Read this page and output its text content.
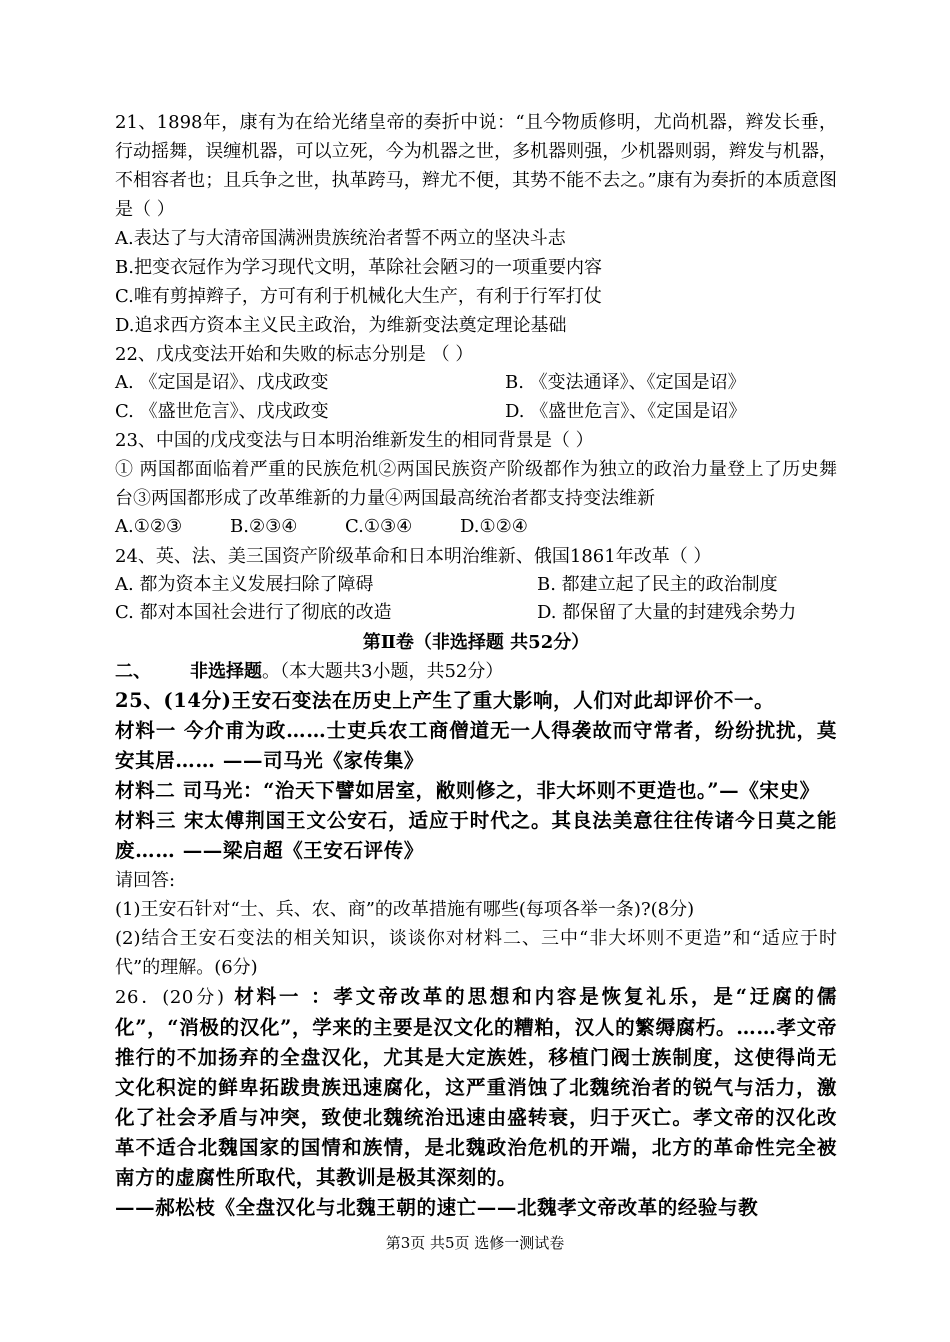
21、1898年，康有为在给光绪皇帝的奏折中说：“且今物质修明，尤尚机器，辫发长垂，行动摇舞，误缠机器，可以立死，今为机器之世，多机器则强，少机器则弱，辫发与机器，不相容者也；且兵争之世，执革跨马，辫尤不便，其势不能不去之。”康有为奏折的本质意图是（ ）
A.表达了与大清帝国满洲贵族统治者誓不两立的坚决斗志
B.把变衣冠作为学习现代文明，革除社会陋习的一项重要内容
C.唯有剪掉辫子，方可有利于机械化大生产，有利于行军打仗
D.追求西方资本主义民主政治，为维新变法奠定理论基础
22、戊戌变法开始和失败的标志分别是 （ ）
A. 《定国是诏》、戊戌政变	B. 《变法通译》、《定国是诏》
C. 《盛世危言》、戊戌政变	D. 《盛世危言》、《定国是诏》
23、中国的戊戌变法与日本明治维新发生的相同背景是（ ）
① 两国都面临着严重的民族危机②两国民族资产阶级都作为独立的政治力量登上了历史舞台③两国都形成了改革维新的力量④两国最高统治者都支持变法维新
A.①②③	B.②③④	C.①③④	D.①②④
24、英、法、美三国资产阶级革命和日本明治维新、俄国1861年改革（ ）
A. 都为资本主义发展扫除了障碍	B. 都建立起了民主的政治制度
C. 都对本国社会进行了彻底的改造	D. 都保留了大量的封建残余势力
第Ⅱ卷（非选择题 共52分）
二、 非选择题。（本大题共3小题，共52分）
25、(14分)王安石变法在历史上产生了重大影响，人们对此却评价不一。
材料一 今介甫为政……士吏兵农工商僧道无一人得袭故而守常者，纷纷扰扰，莫安其居…… ——司马光《家传集》
材料二 司马光：“治天下譬如居室，敝则修之，非大坏则不更造也。”—《宋史》
材料三 宋太傅荆国王文公安石，适应于时代之。其良法美意往往传诸今日莫之能废…… ——梁启超《王安石评传》
请回答:
(1)王安石针对“士、兵、农、商”的改革措施有哪些(每项各举一条)?(8分)
(2)结合王安石变法的相关知识，谈谈你对材料二、三中“非大坏则不更造”和“适应于时代”的理解。(6分)
26．(20分) 材料一 ：孝文帝改革的思想和内容是恢复礼乐，是“迂腐的儒化”，“消极的汉化”，学来的主要是汉文化的糟粕，汉人的繁缛腐朽。……孝文帝推行的不加扬弃的全盘汉化，尤其是大定族姓，移植门阀士族制度，这使得尚无文化积淀的鲜卑拓跋贵族迅速腐化，这严重消蚀了北魏统治者的锐气与活力，激化了社会矛盾与冲突，致使北魏统治迅速由盛转衰，归于灭亡。孝文帝的汉化改革不适合北魏国家的国情和族情，是北魏政治危机的开端，北方的革命性完全被南方的虚腐性所取代，其教训是极其深刻的。
——郝松枝《全盘汉化与北魏王朝的速亡——北魏孝文帝改革的经验与教
第3页 共5页 选修一测试卷
